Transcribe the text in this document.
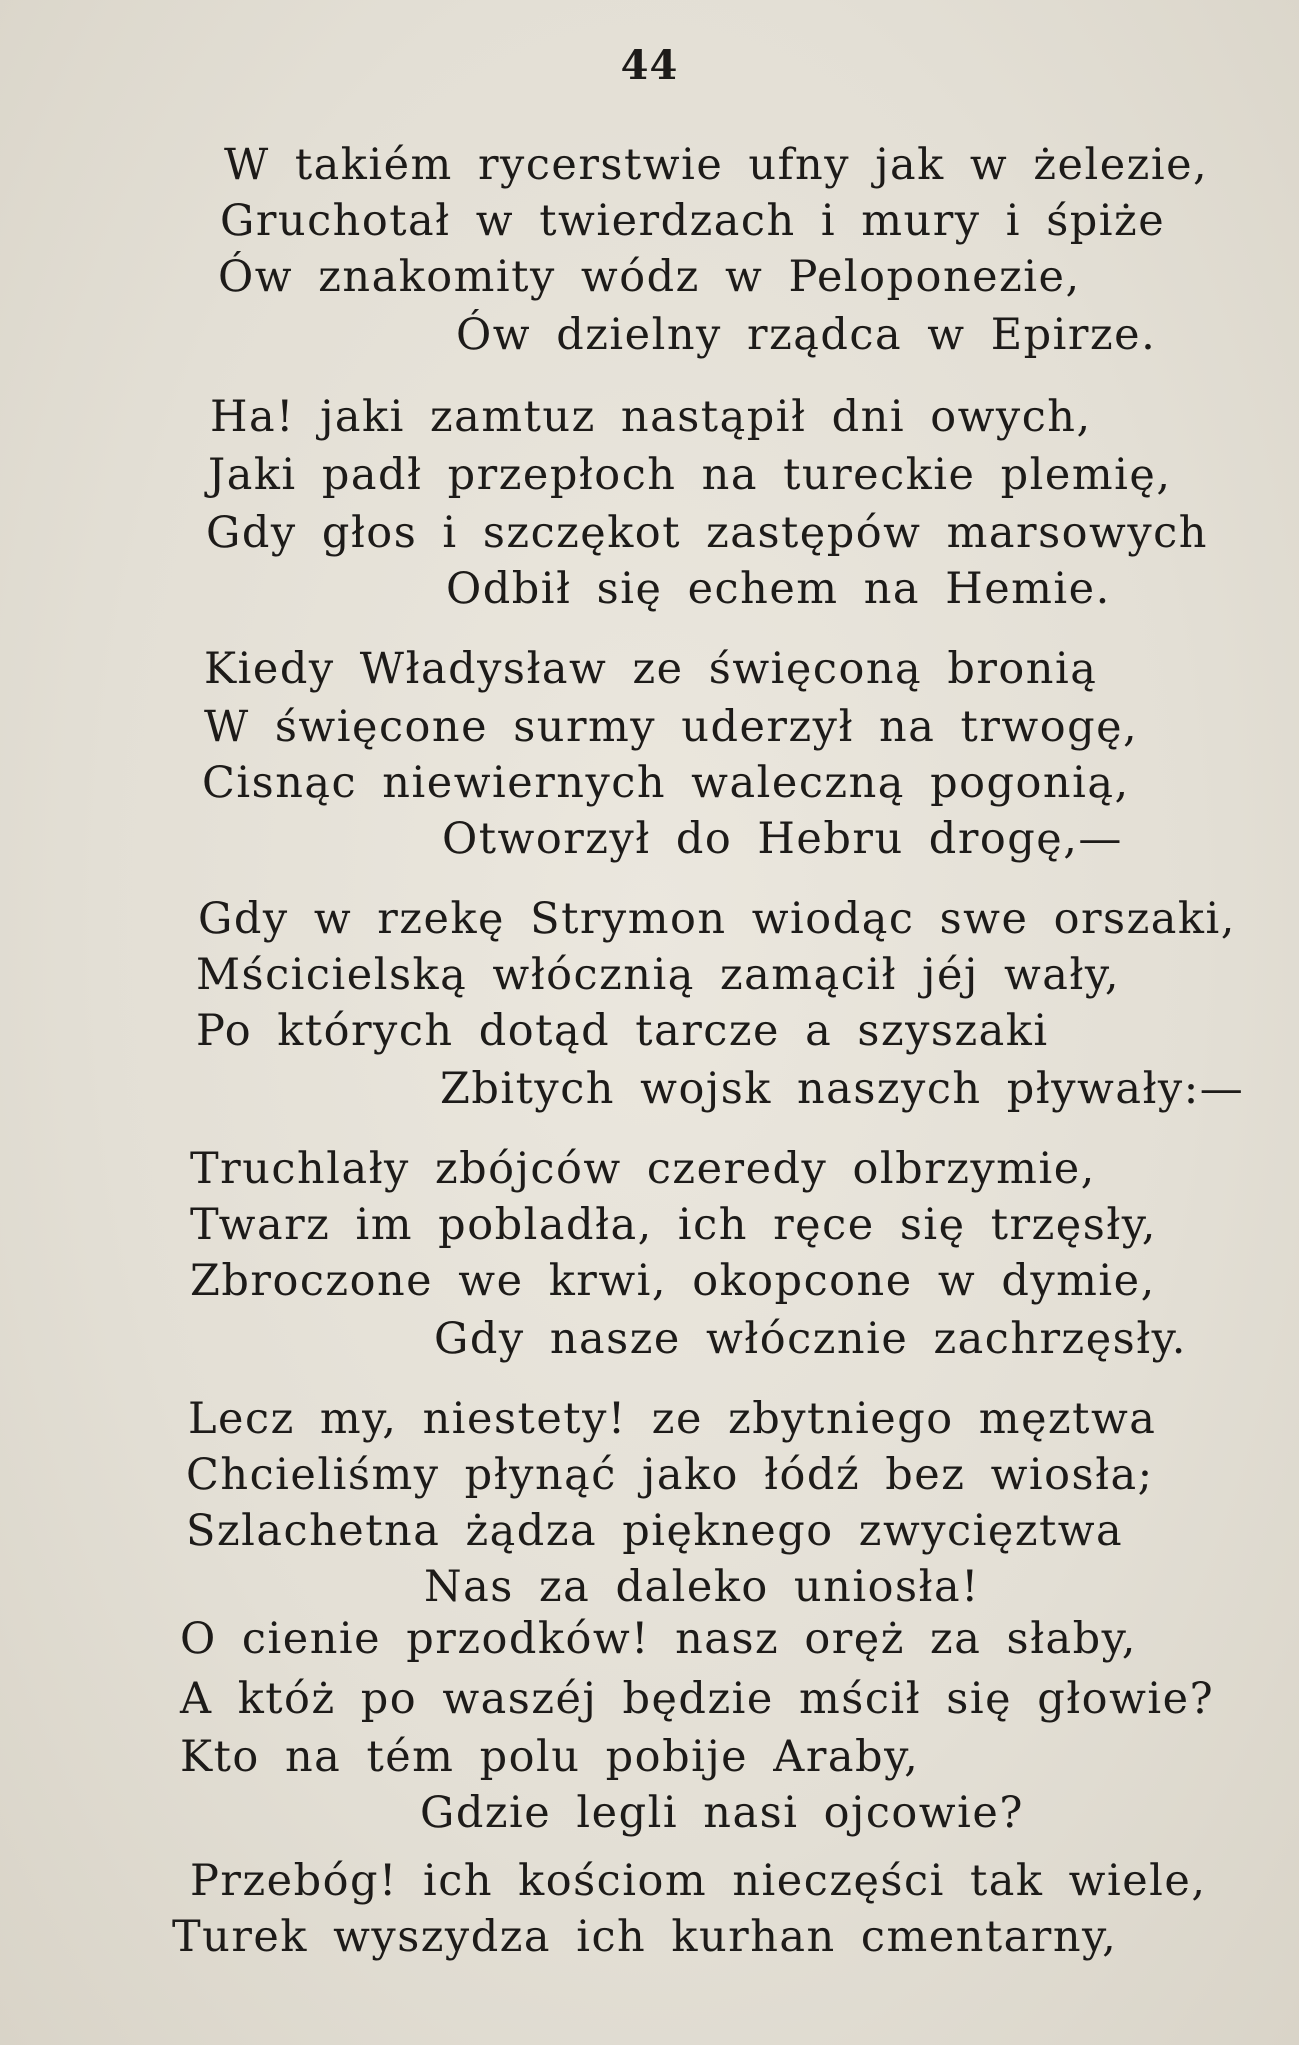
44
W takiém rycerstwie ufny jak w żelezie,
Gruchotał w twierdzach i mury i śpiże
Ów znakomity wódz w Peloponezie,
Ów dzielny rządca w Epirze.
Ha! jaki zamtuz nastąpił dni owych,
Jaki padł przepłoch na tureckie plemię,
Gdy głos i szczękot zastępów marsowych
Odbił się echem na Hemie.
Kiedy Władysław ze święconą bronią
W święcone surmy uderzył na trwogę,
Cisnąc niewiernych waleczną pogonią,
Otworzył do Hebru drogę,—
Gdy w rzekę Strymon wiodąc swe orszaki,
Mścicielską włócznią zamącił jéj wały,
Po których dotąd tarcze a szyszaki
Zbitych wojsk naszych pływały:—
Truchlały zbójców czeredy olbrzymie,
Twarz im pobladła, ich ręce się trzęsły,
Zbroczone we krwi, okopcone w dymie,
Gdy nasze włócznie zachrzęsły.
Lecz my, niestety! ze zbytniego męztwa
Chcieliśmy płynąć jako łódź bez wiosła;
Szlachetna żądza pięknego zwycięztwa
Nas za daleko uniosła!
O cienie przodków! nasz oręż za słaby,
A któż po waszéj będzie mścił się głowie?
Kto na tém polu pobije Araby,
Gdzie legli nasi ojcowie?
Przebóg! ich kościom nieczęści tak wiele,
Turek wyszydza ich kurhan cmentarny,
